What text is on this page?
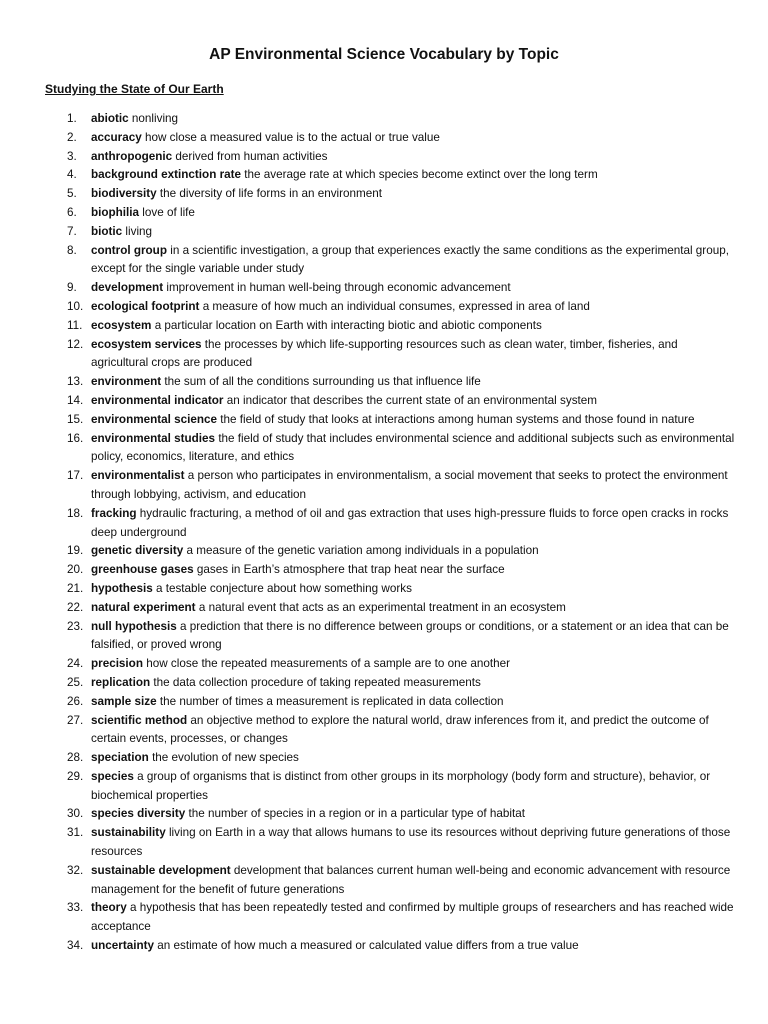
AP Environmental Science Vocabulary by Topic

Studying the State of Our Earth

1.	abiotic nonliving
2.	accuracy how close a measured value is to the actual or true value
3.	anthropogenic derived from human activities
4.	background extinction rate the average rate at which species become extinct over the long term
5.	biodiversity the diversity of life forms in an environment
6.	biophilia love of life
7.	biotic living
8.	control group in a scientific investigation, a group that experiences exactly the same conditions as the experimental group, except for the single variable under study
9.	development improvement in human well-being through economic advancement
10. ecological footprint a measure of how much an individual consumes, expressed in area of land
11. ecosystem a particular location on Earth with interacting biotic and abiotic components
12. ecosystem services the processes by which life-supporting resources such as clean water, timber, fisheries, and agricultural crops are produced
13. environment the sum of all the conditions surrounding us that influence life
14. environmental indicator an indicator that describes the current state of an environmental system
15. environmental science the field of study that looks at interactions among human systems and those found in nature
16. environmental studies the field of study that includes environmental science and additional subjects such as environmental policy, economics, literature, and ethics
17. environmentalist a person who participates in environmentalism, a social movement that seeks to protect the environment through lobbying, activism, and education
18. fracking hydraulic fracturing, a method of oil and gas extraction that uses high-pressure fluids to force open cracks in rocks deep underground
19. genetic diversity a measure of the genetic variation among individuals in a population
20. greenhouse gases gases in Earth’s atmosphere that trap heat near the surface
21. hypothesis a testable conjecture about how something works
22. natural experiment a natural event that acts as an experimental treatment in an ecosystem
23. null hypothesis a prediction that there is no difference between groups or conditions, or a statement or an idea that can be falsified, or proved wrong
24. precision how close the repeated measurements of a sample are to one another
25. replication the data collection procedure of taking repeated measurements
26. sample size the number of times a measurement is replicated in data collection
27. scientific method an objective method to explore the natural world, draw inferences from it, and predict the outcome of certain events, processes, or changes
28. speciation the evolution of new species
29. species a group of organisms that is distinct from other groups in its morphology (body form and structure), behavior, or biochemical properties
30. species diversity the number of species in a region or in a particular type of habitat
31. sustainability living on Earth in a way that allows humans to use its resources without depriving future generations of those resources
32. sustainable development development that balances current human well-being and economic advancement with resource management for the benefit of future generations
33. theory a hypothesis that has been repeatedly tested and confirmed by multiple groups of researchers and has reached wide acceptance
34. uncertainty an estimate of how much a measured or calculated value differs from a true value
